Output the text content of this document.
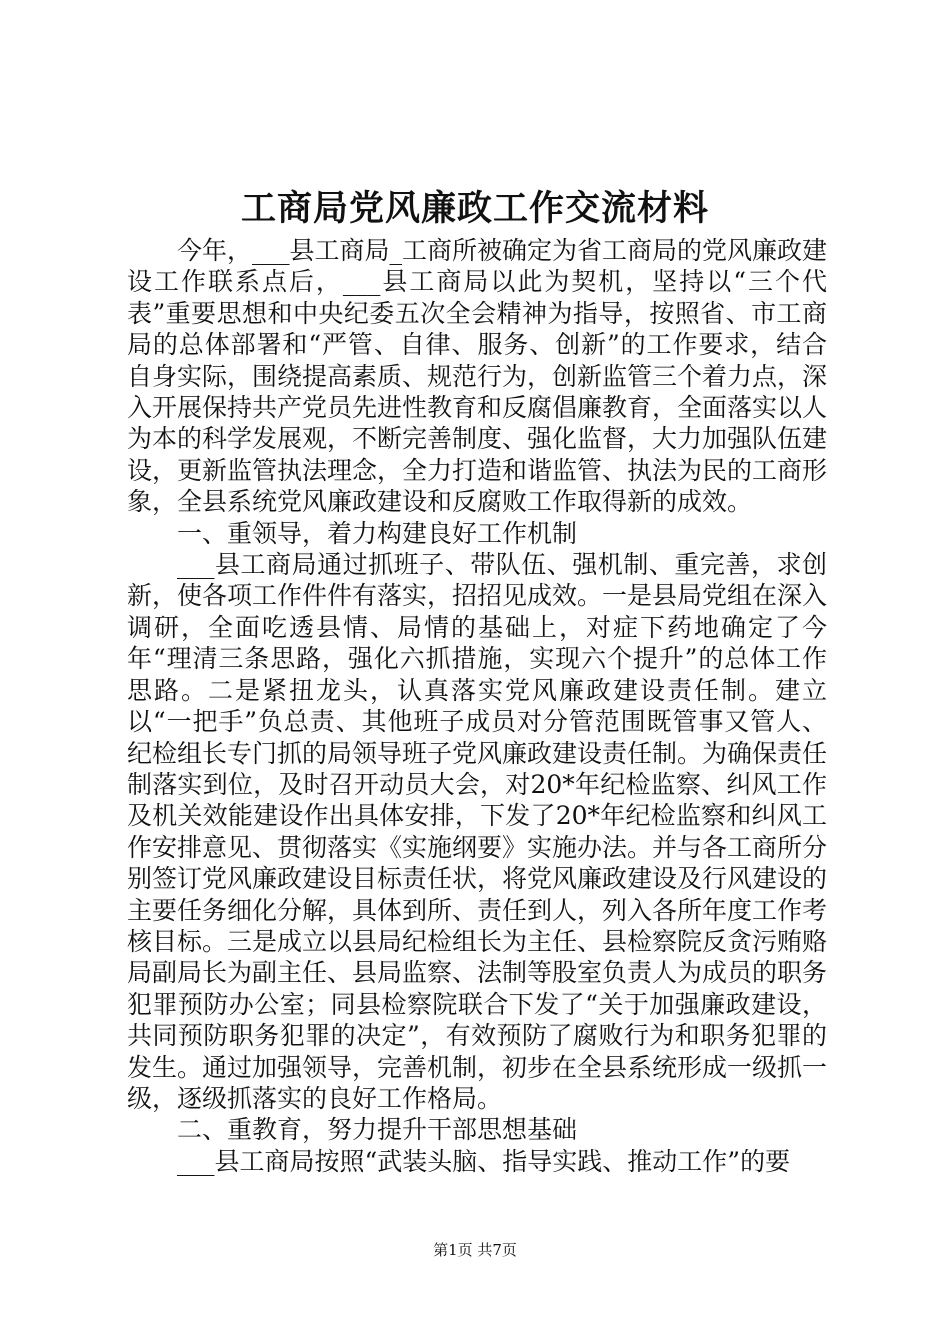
工商局党风廉政工作交流材料

今年，___县工商局_工商所被确定为省工商局的党风廉政建设工作联系点后，___县工商局以此为契机，坚持以“三个代表”重要思想和中央纪委五次全会精神为指导，按照省、市工商局的总体部署和“严管、自律、服务、创新”的工作要求，结合自身实际，围绕提高素质、规范行为，创新监管三个着力点，深入开展保持共产党员先进性教育和反腐倡廉教育，全面落实以人为本的科学发展观，不断完善制度、强化监督，大力加强队伍建设，更新监管执法理念，全力打造和谐监管、执法为民的工商形象，全县系统党风廉政建设和反腐败工作取得新的成效。

一、重领导，着力构建良好工作机制

___县工商局通过抓班子、带队伍、强机制、重完善，求创新，使各项工作件件有落实，招招见成效。一是县局党组在深入调研，全面吃透县情、局情的基础上，对症下药地确定了今年“理清三条思路，强化六抓措施，实现六个提升”的总体工作思路。二是紧扭龙头，认真落实党风廉政建设责任制。建立以“一把手”负总责、其他班子成员对分管范围既管事又管人、纪检组长专门抓的局领导班子党风廉政建设责任制。为确保责任制落实到位，及时召开动员大会，对20*年纪检监察、纠风工作及机关效能建设作出具体安排，下发了20*年纪检监察和纠风工作安排意见、贯彻落实《实施纲要》实施办法。并与各工商所分别签订党风廉政建设目标责任状，将党风廉政建设及行风建设的主要任务细化分解，具体到所、责任到人，列入各所年度工作考核目标。三是成立以县局纪检组长为主任、县检察院反贪污贿赂局副局长为副主任、县局监察、法制等股室负责人为成员的职务犯罪预防办公室；同县检察院联合下发了“关于加强廉政建设，共同预防职务犯罪的决定”，有效预防了腐败行为和职务犯罪的发生。通过加强领导，完善机制，初步在全县系统形成一级抓一级，逐级抓落实的良好工作格局。

二、重教育，努力提升干部思想基础

___县工商局按照“武装头脑、指导实践、推动工作”的要

第1页 共7页
